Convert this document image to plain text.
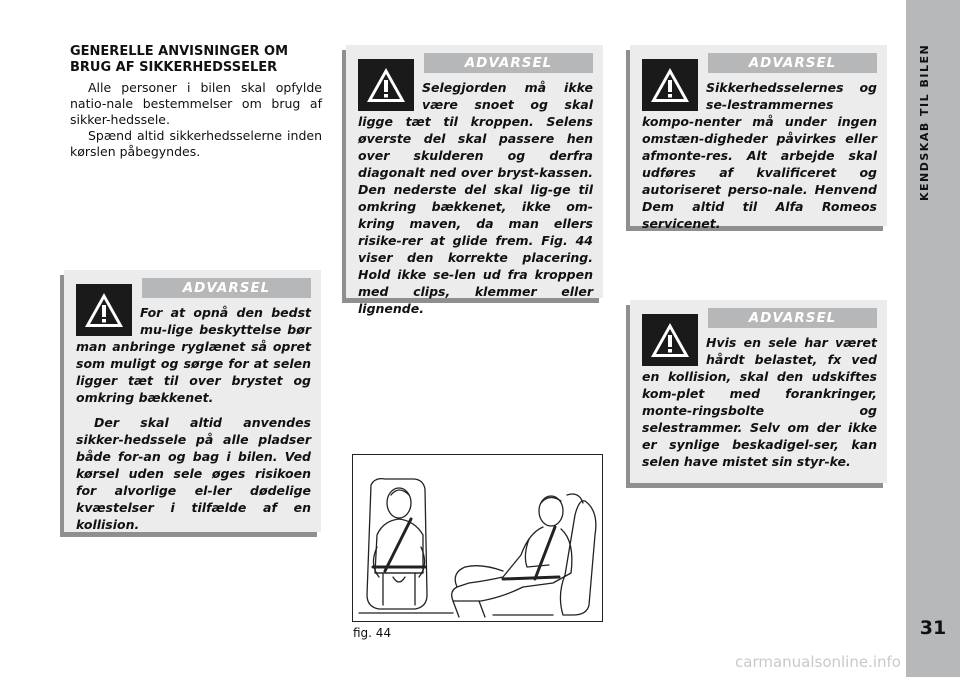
KENDSKAB TIL BILEN
31
GENERELLE ANVISNINGER OM BRUG AF SIKKERHEDSSELER

Alle personer i bilen skal opfylde natio-nale bestemmelser om brug af sikker-hedssele.

Spænd altid sikkerhedsselerne inden kørslen påbegyndes.

ADVARSEL

For at opnå den bedst mu-lige beskyttelse bør man anbringe ryglænet så opret som muligt og sørge for at selen ligger tæt til over brystet og omkring bækkenet.

Der skal altid anvendes sikker-hedssele på alle pladser både for-an og bag i bilen. Ved kørsel uden sele øges risikoen for alvorlige el-ler dødelige kvæstelser i tilfælde af en kollision.

ADVARSEL

Selegjorden må ikke være snoet og skal ligge tæt til kroppen. Selens øverste del skal passere hen over skulderen og derfra diagonalt ned over bryst-kassen. Den nederste del skal lig-ge til omkring bækkenet, ikke om-kring maven, da man ellers risike-rer at glide frem. Fig. 44 viser den korrekte placering. Hold ikke se-len ud fra kroppen med clips, klemmer eller lignende.

ADVARSEL

Sikkerhedsselernes og se-lestrammernes kompo-nenter må under ingen omstæn-digheder påvirkes eller afmonte-res. Alt arbejde skal udføres af kvalificeret og autoriseret perso-nale. Henvend Dem altid til Alfa Romeos servicenet.

ADVARSEL

Hvis en sele har været hårdt belastet, fx ved en kollision, skal den udskiftes kom-plet med forankringer, monte-ringsbolte og selestrammer. Selv om der ikke er synlige beskadigel-ser, kan selen have mistet sin styr-ke.

fig. 44
carmanualsonline.info
